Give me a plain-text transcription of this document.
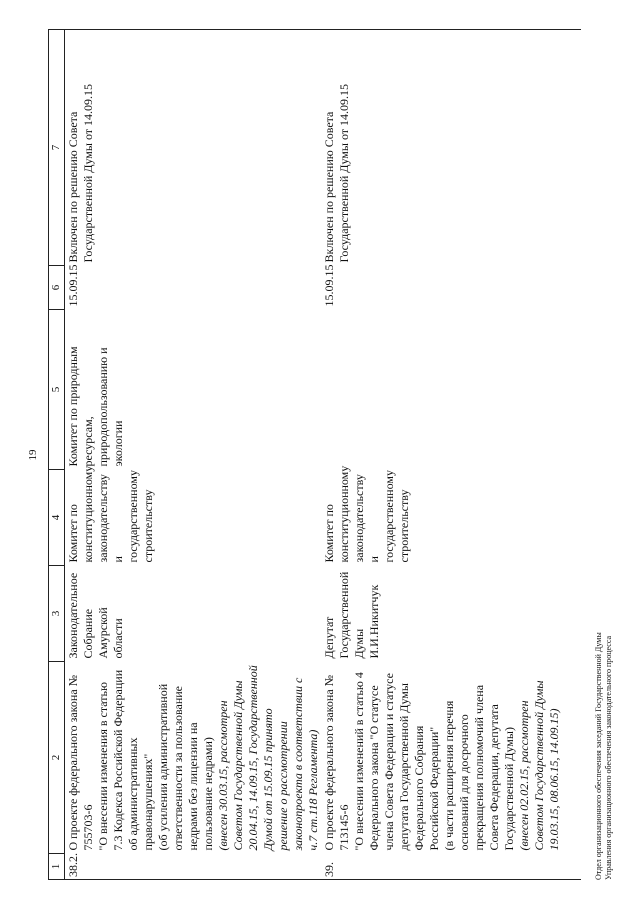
19
1	2	3	4	5	6	7
38.2.	О проекте федерального закона № 755703-6 "О внесении изменения в статью 7.3 Кодекса Российской Федерации об административных правонарушениях" (об усилении административной ответственности за пользование недрами без лицензии на пользование недрами) (внесен 30.03.15, рассмотрен Советом Государственной Думы 20.04.15, 14.09.15, Государственной Думой от 15.09.15 принято решение о рассмотрении законопроекта в соответствии с ч.7 ст.118 Регламента)	Законодательное Собрание Амурской области	Комитет по конституционному законодательству и государственному строительству	Комитет по природным ресурсам, природопользованию и экологии	15.09.15	Включен по решению Совета Государственной Думы от 14.09.15
39.	О проекте федерального закона № 713145-6 "О внесении изменений в статью 4 Федерального закона "О статусе члена Совета Федерации и статусе депутата Государственной Думы Федерального Собрания Российской Федерации" (в части расширения перечня оснований для досрочного прекращения полномочий члена Совета Федерации, депутата Государственной Думы) (внесен 02.02.15, рассмотрен Советом Государственной Думы 19.03.15, 08.06.15, 14.09.15)	Депутат Государственной Думы И.И.Никитчук	Комитет по конституционному законодательству и государственному строительству		15.09.15	Включен по решению Совета Государственной Думы от 14.09.15
Отдел организационного обеспечения заседаний Государственной Думы Управления организационного обеспечения законодательного процесса
